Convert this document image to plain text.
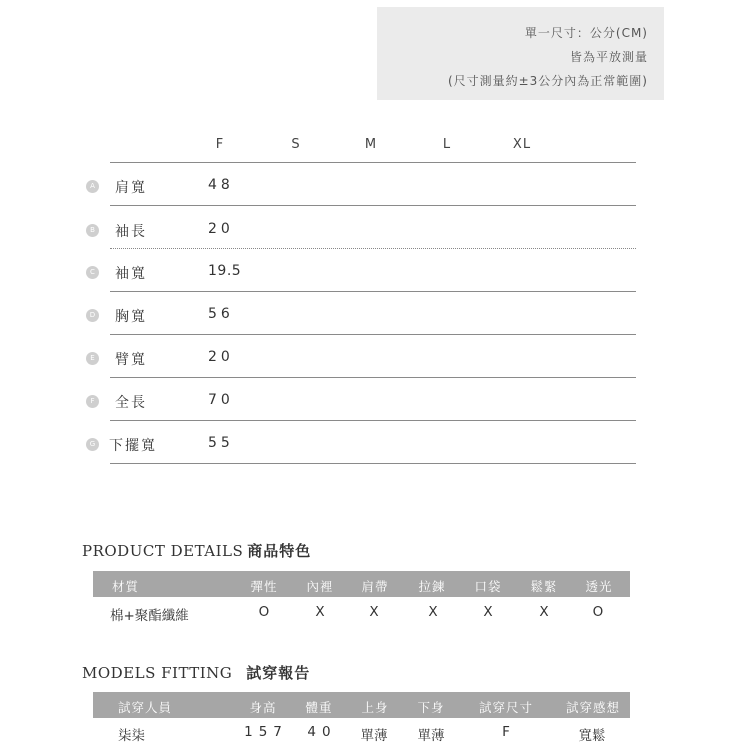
單一尺寸：公分(CM)
皆為平放測量
(尺寸測量約±3公分內為正常範圍)
F	S	M	L	XL
A 肩寬	48
B 袖長	20
C 袖寬	19.5
D 胸寬	56
E	臂寬	20
F	全長	70
G 下擺寬	55
PRODUCT DETAILS 商品特色
材質	彈性 內裡 肩帶 拉鍊 口袋 鬆緊 透光
棉+聚酯纖維	O	X	X	X	X	X	O
MODELS FITTING 試穿報告
試穿人員	身高 體重 上身 下身	試穿尺寸	試穿感想
柒柒	157 40 單薄 單薄	F	寬鬆
